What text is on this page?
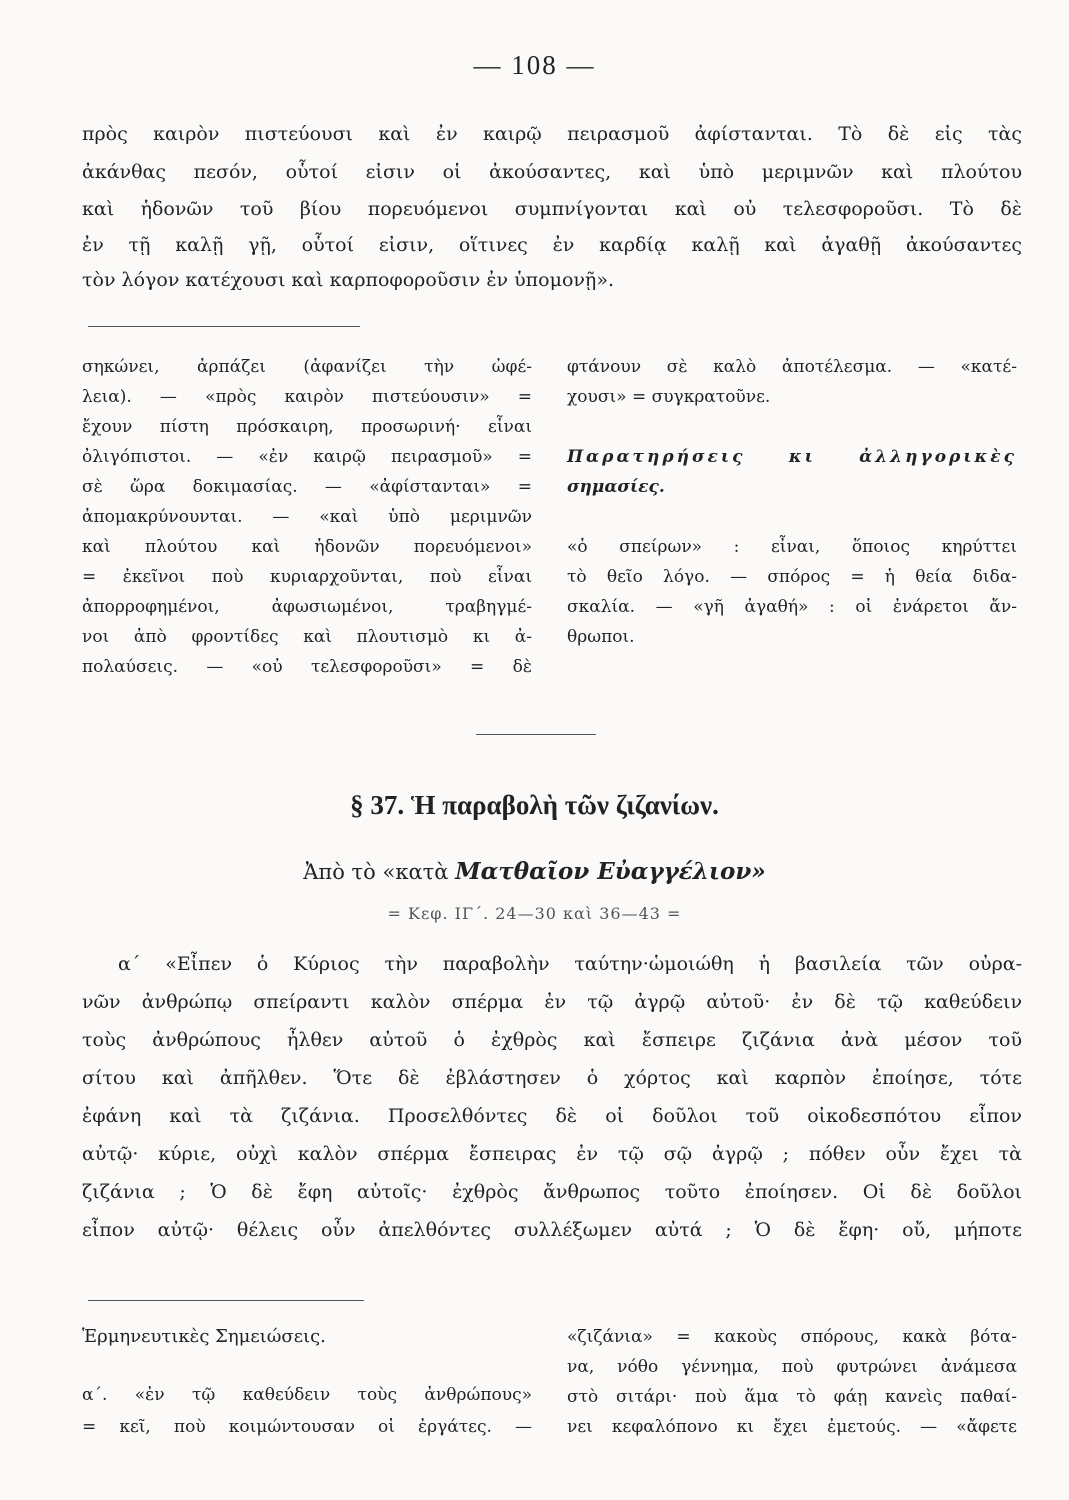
— 108 —
πρὸς καιρὸν πιστεύουσι καὶ ἐν καιρῷ πειρασμοῦ ἀφίστανται. Τὸ δὲ εἰς τὰς
ἀκάνθας πεσόν, οὗτοί εἰσιν οἱ ἀκούσαντες, καὶ ὑπὸ μεριμνῶν καὶ πλούτου
καὶ ἡδονῶν τοῦ βίου πορευόμενοι συμπνίγονται καὶ οὐ τελεσφοροῦσι. Τὸ δὲ
ἐν τῇ καλῇ γῇ, οὗτοί εἰσιν, οἵτινες ἐν καρδίᾳ καλῇ καὶ ἀγαθῇ ἀκούσαντες
τὸν λόγον κατέχουσι καὶ καρποφοροῦσιν ἐν ὑπομονῇ».
σηκώνει, ἁρπάζει (ἀφανίζει τὴν ὠφέ-
λεια). — «πρὸς καιρὸν πιστεύουσιν» =
ἔχουν πίστη πρόσκαιρη, προσωρινή· εἶναι
ὀλιγόπιστοι. — «ἐν καιρῷ πειρασμοῦ» =
σὲ ὥρα δοκιμασίας. — «ἀφίστανται» =
ἀπομακρύνουνται. — «καὶ ὑπὸ μεριμνῶν
καὶ πλούτου καὶ ἡδονῶν πορευόμενοι»
= ἐκεῖνοι ποὺ κυριαρχοῦνται, ποὺ εἶναι
ἀπορροφημένοι, ἀφωσιωμένοι, τραβηγμέ-
νοι ἀπὸ φροντίδες καὶ πλουτισμὸ κι ἀ-
πολαύσεις. — «οὐ τελεσφοροῦσι» = δὲ
φτάνουν σὲ καλὸ ἀποτέλεσμα. — «κατέ-
χουσι» = συγκρατοῦνε.
Παρατηρήσεις κι ἀλληγορικὲς
σημασίες.
«ὁ σπείρων» : εἶναι, ὅποιος κηρύττει
τὸ θεῖο λόγο. — σπόρος = ἡ θεία διδα-
σκαλία. — «γῆ ἀγαθή» : οἱ ἐνάρετοι ἄν-
θρωποι.
§ 37. Ἡ παραβολὴ τῶν ζιζανίων.
Ἀπὸ τὸ «κατὰ Ματθαῖον Εὐαγγέλιον»
= Κεφ. ΙΓ΄. 24—30 καὶ 36—43 =
α΄ «Εἶπεν ὁ Κύριος τὴν παραβολὴν ταύτην·ὡμοιώθη ἡ βασιλεία τῶν οὐρα-
νῶν ἀνθρώπῳ σπείραντι καλὸν σπέρμα ἐν τῷ ἀγρῷ αὐτοῦ· ἐν δὲ τῷ καθεύδειν
τοὺς ἀνθρώπους ἦλθεν αὐτοῦ ὁ ἐχθρὸς καὶ ἔσπειρε ζιζάνια ἀνὰ μέσον τοῦ
σίτου καὶ ἀπῆλθεν. Ὅτε δὲ ἐβλάστησεν ὁ χόρτος καὶ καρπὸν ἐποίησε, τότε
ἐφάνη καὶ τὰ ζιζάνια. Προσελθόντες δὲ οἱ δοῦλοι τοῦ οἰκοδεσπότου εἶπον
αὐτῷ· κύριε, οὐχὶ καλὸν σπέρμα ἔσπειρας ἐν τῷ σῷ ἀγρῷ ; πόθεν οὖν ἔχει τὰ
ζιζάνια ; Ὁ δὲ ἔφη αὐτοῖς· ἐχθρὸς ἄνθρωπος τοῦτο ἐποίησεν. Οἱ δὲ δοῦλοι
εἶπον αὐτῷ· θέλεις οὖν ἀπελθόντες συλλέξωμεν αὐτά ; Ὁ δὲ ἔφη· οὔ, μήποτε
Ἑρμηνευτικὲς Σημειώσεις.
α΄. «ἐν τῷ καθεύδειν τοὺς ἀνθρώπους»
= κεῖ, ποὺ κοιμώντουσαν οἱ ἐργάτες. —
«ζιζάνια» = κακοὺς σπόρους, κακὰ βότα-
να, νόθο γέννημα, ποὺ φυτρώνει ἀνάμεσα
στὸ σιτάρι· ποὺ ἅμα τὸ φάῃ κανεὶς παθαί-
νει κεφαλόπονο κι ἔχει ἐμετούς. — «ἄφετε
